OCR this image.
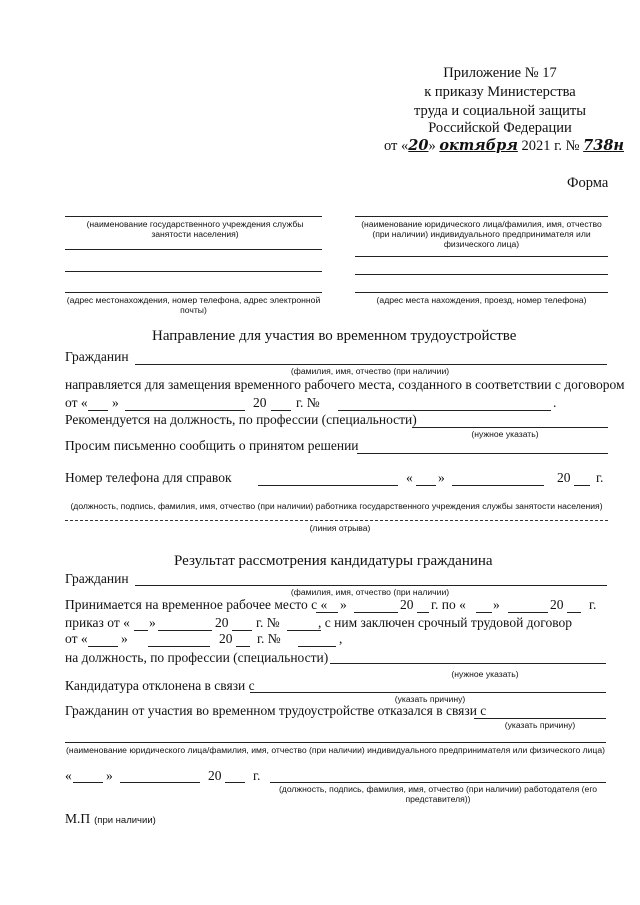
Приложение № 17
к приказу Министерства
труда и социальной защиты
Российской Федерации
от «20» октября 2021 г. № 738н
Форма
(наименование государственного учреждения службы занятости населения)
(адрес местонахождения, номер телефона, адрес электронной почты)
(наименование юридического лица/фамилия, имя, отчество (при наличии) индивидуального предпринимателя или физического лица)
(адрес места нахождения, проезд, номер телефона)
Направление для участия во временном трудоустройстве
Гражданин
(фамилия, имя, отчество (при наличии)
направляется для замещения временного рабочего места, созданного в соответствии с договором
от « »	20 г. №	.
Рекомендуется на должность, по профессии (специальности)
(нужное указать)
Просим письменно сообщить о принятом решении
Номер телефона для справок	« »	20 г.
(должность, подпись, фамилия, имя, отчество (при наличии) работника государственного учреждения службы занятости населения)
(линия отрыва)
Результат рассмотрения кандидатуры гражданина
Гражданин
(фамилия, имя, отчество (при наличии)
Принимается на временное рабочее место с « »	20 г. по « »	20 г.
приказ от « »	20 г. №	, с ним заключен срочный трудовой договор
от « »	20 г. №	,
на должность, по профессии (специальности)
(нужное указать)
Кандидатура отклонена в связи с
(указать причину)
Гражданин от участия во временном трудоустройстве отказался в связи с
(указать причину)
(наименование юридического лица/фамилия, имя, отчество (при наличии) индивидуального предпринимателя или физического лица)
«	»	20 г.
(должность, подпись, фамилия, имя, отчество (при наличии) работодателя (его представителя))
М.П (при наличии)
